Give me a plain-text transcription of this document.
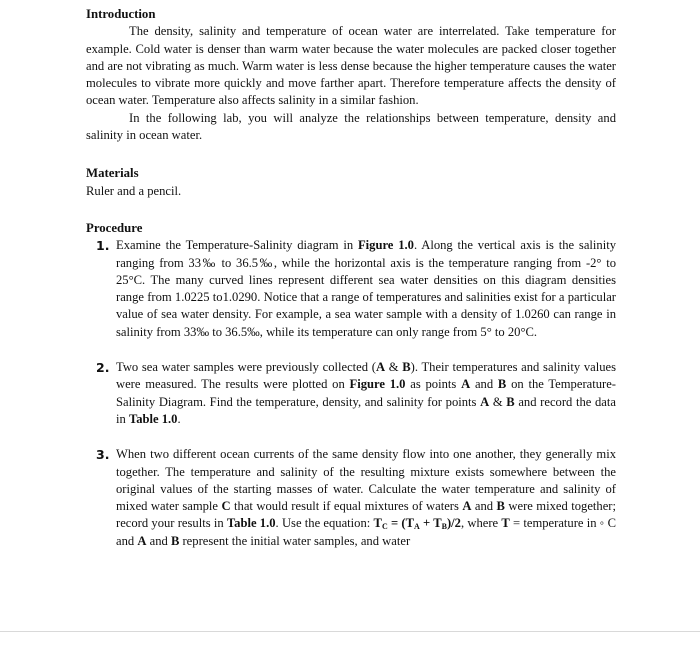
Introduction

The density, salinity and temperature of ocean water are interrelated. Take temperature for example. Cold water is denser than warm water because the water molecules are packed closer together and are not vibrating as much. Warm water is less dense because the higher temperature causes the water molecules to vibrate more quickly and move farther apart. Therefore temperature affects the density of ocean water. Temperature also affects salinity in a similar fashion.

In the following lab, you will analyze the relationships between temperature, density and salinity in ocean water.

Materials

Ruler and a pencil.

Procedure
1. Examine the Temperature-Salinity diagram in Figure 1.0. Along the vertical axis is the salinity ranging from 33‰ to 36.5‰, while the horizontal axis is the temperature ranging from -2° to 25°C. The many curved lines represent different sea water densities on this diagram densities range from 1.0225 to1.0290. Notice that a range of temperatures and salinities exist for a particular value of sea water density. For example, a sea water sample with a density of 1.0260 can range in salinity from 33‰ to 36.5‰, while its temperature can only range from 5° to 20°C.
2. Two sea water samples were previously collected (A & B). Their temperatures and salinity values were measured. The results were plotted on Figure 1.0 as points A and B on the Temperature-Salinity Diagram. Find the temperature, density, and salinity for points A & B and record the data in Table 1.0.
3. When two different ocean currents of the same density flow into one another, they generally mix together. The temperature and salinity of the resulting mixture exists somewhere between the original values of the starting masses of water. Calculate the water temperature and salinity of mixed water sample C that would result if equal mixtures of waters A and B were mixed together; record your results in Table 1.0. Use the equation: $T_C = (T_A + T_B)/2$, where T = temperature in ◦ C and A and B represent the initial water samples, and water
